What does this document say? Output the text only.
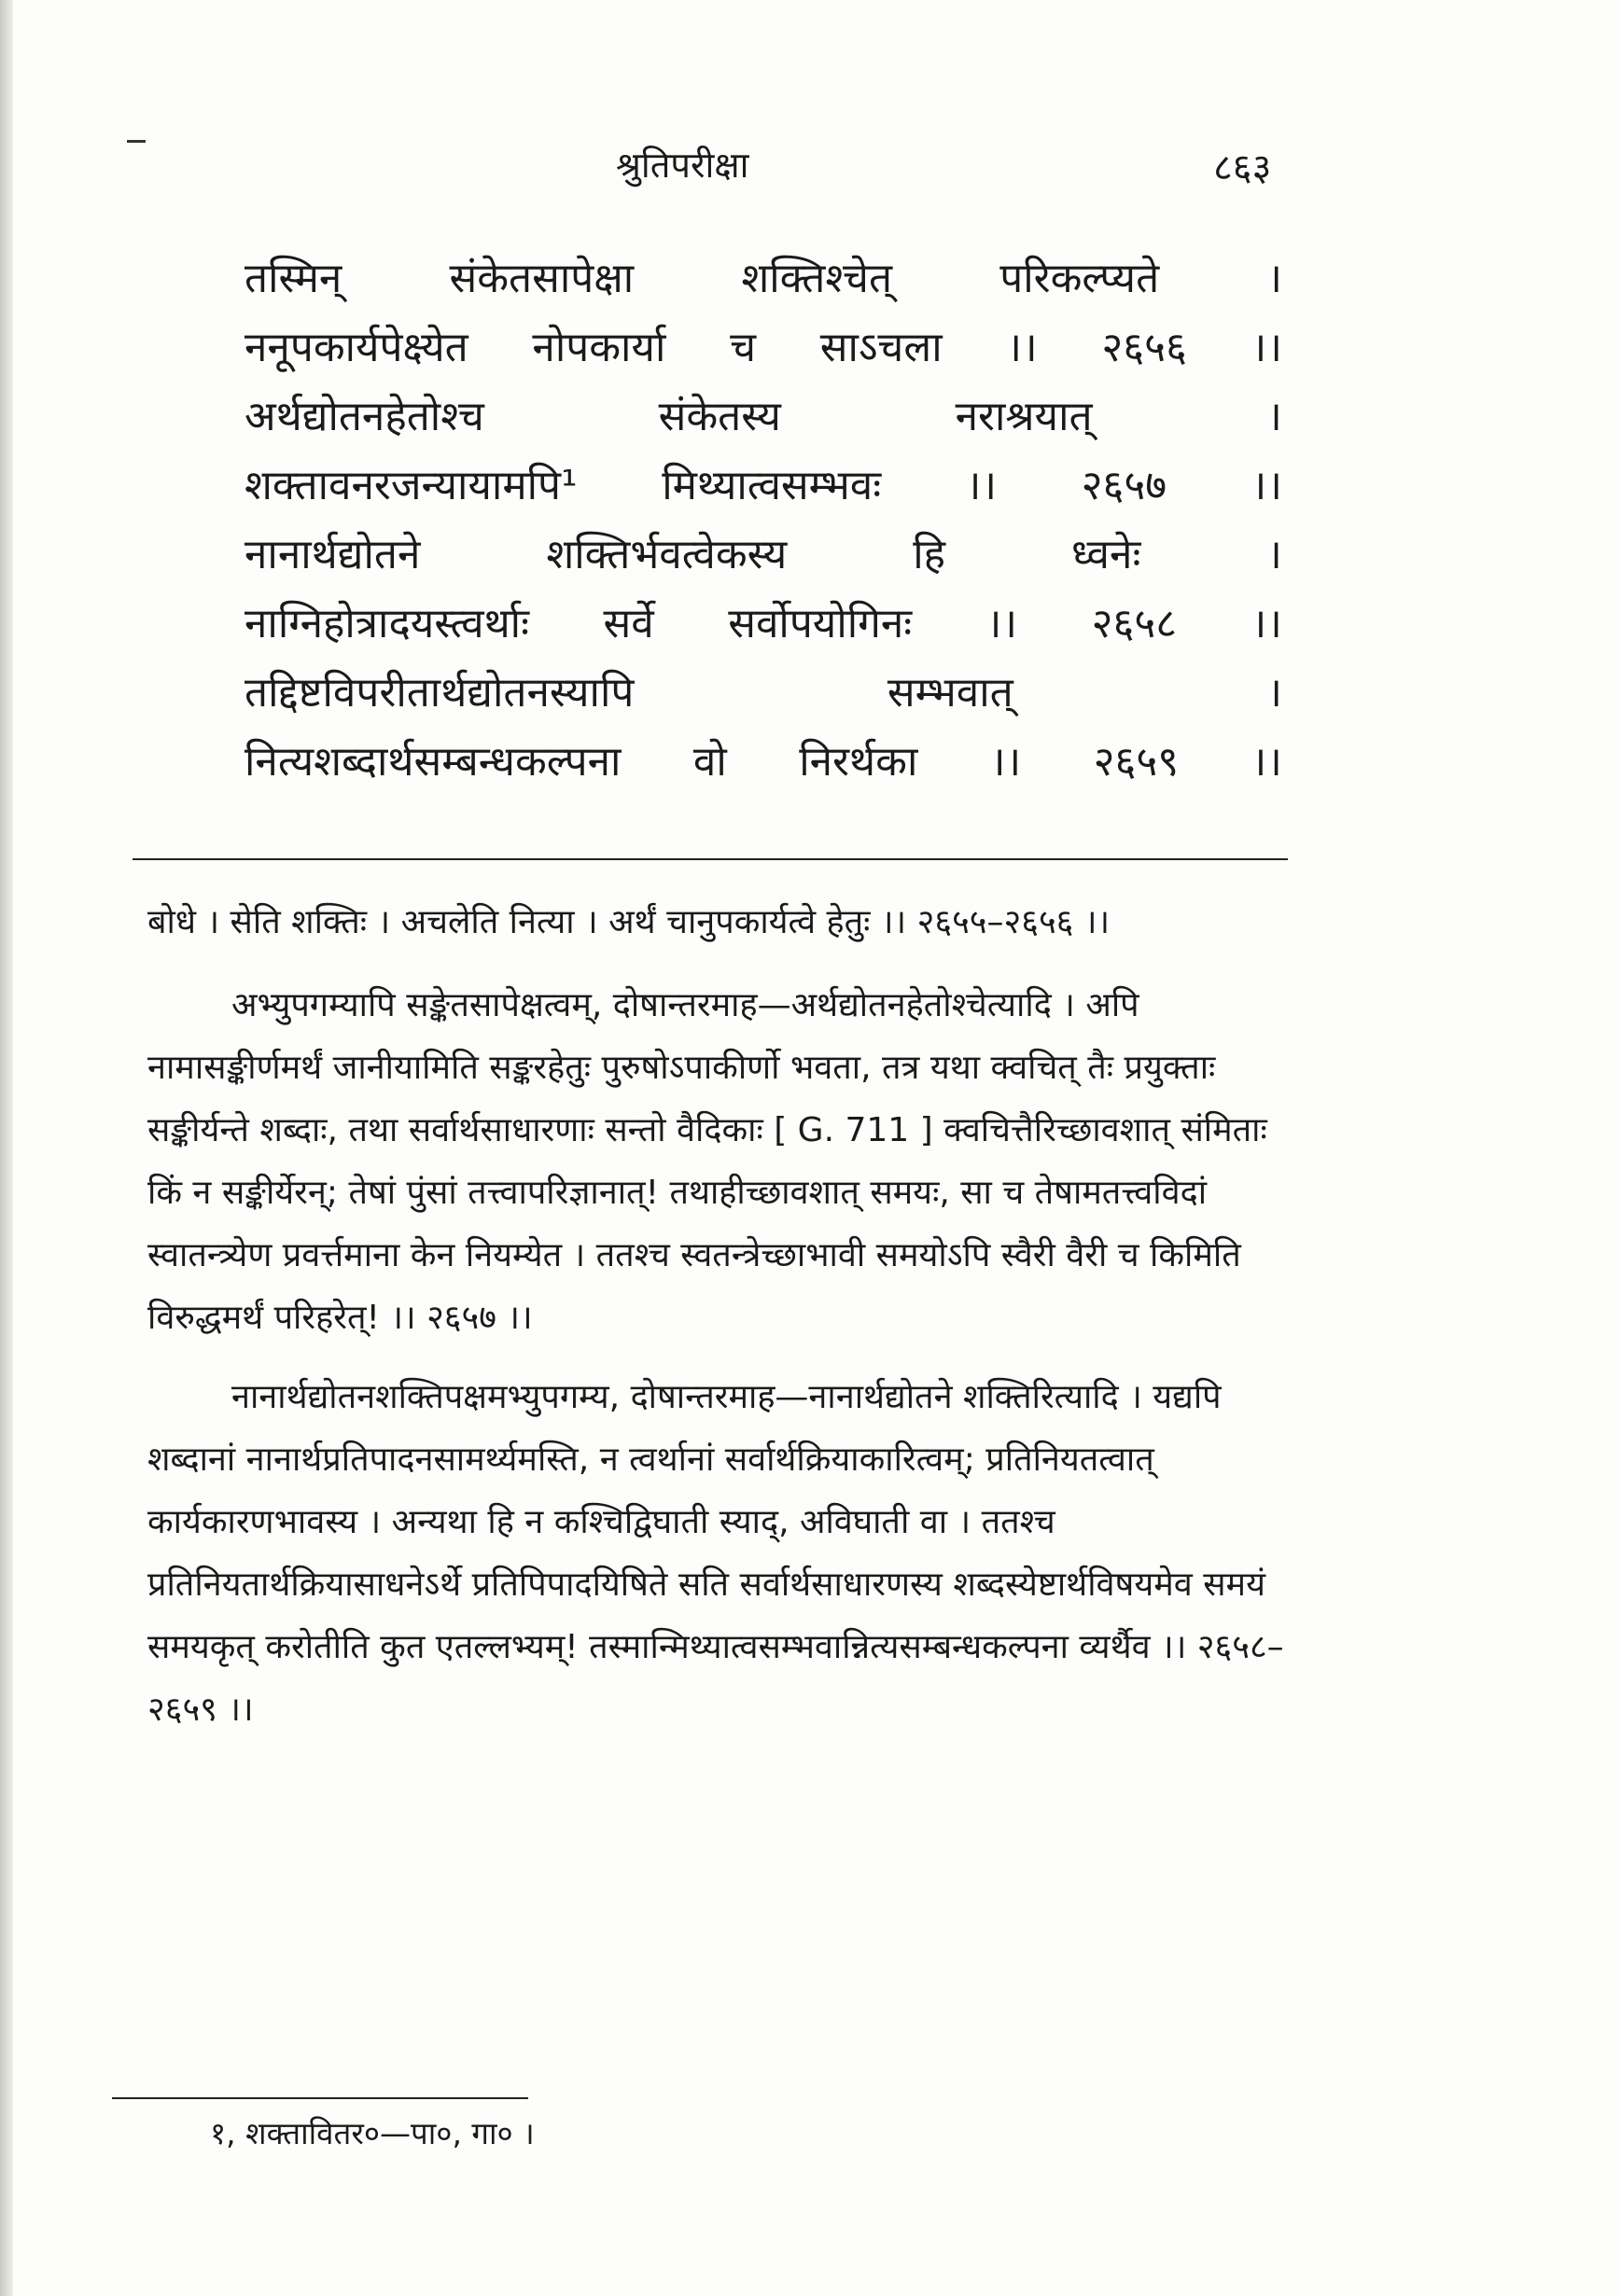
श्रुतिपरीक्षा	८६३
तस्मिन् संकेतसापेक्षा शक्तिश्चेत् परिकल्प्यते ।
ननूपकार्यपेक्ष्येत नोपकार्या च साऽचला ।। २६५६ ।।
अर्थद्योतनहेतोश्च संकेतस्य नराश्रयात् ।
शक्तावनरजन्यायामपि¹ मिथ्यात्वसम्भवः ।। २६५७ ।।
नानार्थद्योतने शक्तिर्भवत्वेकस्य हि ध्वनेः ।
नाग्निहोत्रादयस्त्वर्थाः सर्वे सर्वोपयोगिनः ।। २६५८ ।।
तद्दिष्टविपरीतार्थद्योतनस्यापि सम्भवात् ।
नित्यशब्दार्थसम्बन्धकल्पना वो निरर्थका ।। २६५९ ।।

बोधे । सेति शक्तिः । अचलेति नित्या । अर्थं चानुपकार्यत्वे हेतुः ।। २६५५–२६५६ ।।

अभ्युपगम्यापि सङ्केतसापेक्षत्वम्, दोषान्तरमाह—अर्थद्योतनहेतोश्चेत्यादि । अपि नामासङ्कीर्णमर्थं जानीयामिति सङ्करहेतुः पुरुषोऽपाकीर्णो भवता, तत्र यथा क्वचित् तैः प्रयुक्ताः सङ्कीर्यन्ते शब्दाः, तथा सर्वार्थसाधारणाः सन्तो वैदिकाः [ G. 711 ] क्वचित्तैरिच्छावशात् संमिताः किं न सङ्कीर्येरन्; तेषां पुंसां तत्त्वापरिज्ञानात्! तथाहीच्छावशात् समयः, सा च तेषामतत्त्वविदां स्वातन्त्र्येण प्रवर्त्तमाना केन नियम्येत । ततश्च स्वतन्त्रेच्छाभावी समयोऽपि स्वैरी वैरी च किमिति विरुद्धमर्थं परिहरेत्! ।। २६५७ ।।

नानार्थद्योतनशक्तिपक्षमभ्युपगम्य, दोषान्तरमाह—नानार्थद्योतने शक्तिरित्यादि । यद्यपि शब्दानां नानार्थप्रतिपादनसामर्थ्यमस्ति, न त्वर्थानां सर्वार्थक्रियाकारित्वम्; प्रतिनियतत्वात् कार्यकारणभावस्य । अन्यथा हि न कश्चिद्विघाती स्याद्, अविघाती वा । ततश्च प्रतिनियतार्थक्रियासाधनेऽर्थे प्रतिपिपादयिषिते सति सर्वार्थसाधारणस्य शब्दस्येष्टार्थविषयमेव समयं समयकृत् करोतीति कुत एतल्लभ्यम्! तस्मान्मिथ्यात्वसम्भवान्नित्यसम्बन्धकल्पना व्यर्थैव ।। २६५८–२६५९ ।।

१, शक्तावितर०—पा०, गा० ।
